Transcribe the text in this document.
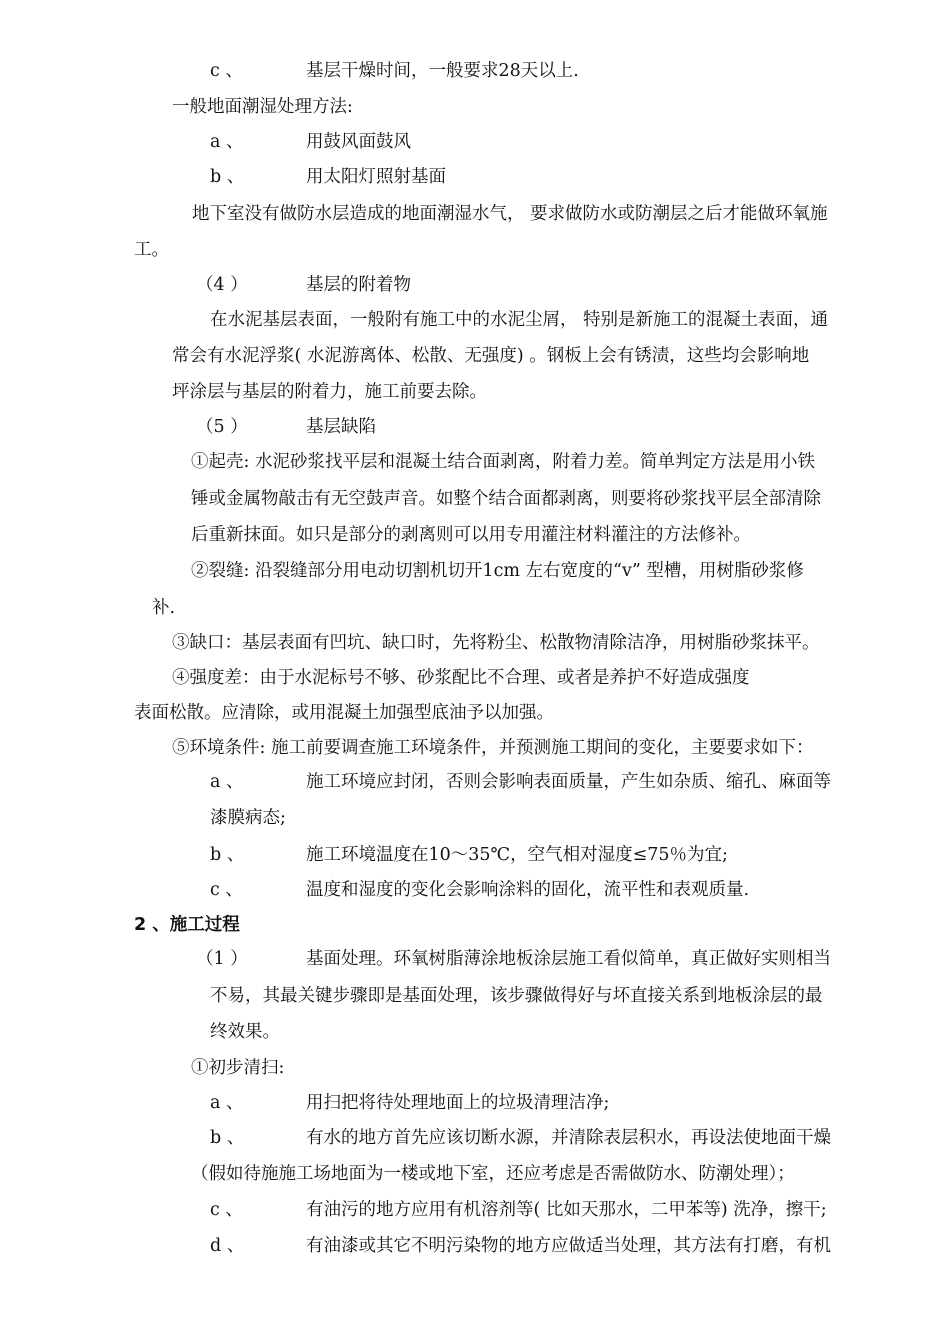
c 、	基层干燥时间，一般要求28天以上.
一般地面潮湿处理方法:
a 、	用鼓风面鼓风
b 、	用太阳灯照射基面
地下室没有做防水层造成的地面潮湿水气， 要求做防水或防潮层之后才能做环氧施
工。
（4 ）	基层的附着物
在水泥基层表面，一般附有施工中的水泥尘屑， 特别是新施工的混凝土表面，通
常会有水泥浮浆( 水泥游离体、松散、无强度) 。钢板上会有锈渍，这些均会影响地
坪涂层与基层的附着力，施工前要去除。
（5 ）	基层缺陷
①起壳: 水泥砂浆找平层和混凝土结合面剥离，附着力差。简单判定方法是用小铁
锤或金属物敲击有无空鼓声音。如整个结合面都剥离，则要将砂浆找平层全部清除
后重新抹面。如只是部分的剥离则可以用专用灌注材料灌注的方法修补。
②裂缝: 沿裂缝部分用电动切割机切开1cm 左右宽度的“v” 型槽，用树脂砂浆修
补.
③缺口：基层表面有凹坑、缺口时，先将粉尘、松散物清除洁净，用树脂砂浆抹平。
④强度差：由于水泥标号不够、砂浆配比不合理、或者是养护不好造成强度
表面松散。应清除，或用混凝土加强型底油予以加强。
⑤环境条件: 施工前要调查施工环境条件，并预测施工期间的变化，主要要求如下：
a 、	施工环境应封闭，否则会影响表面质量，产生如杂质、缩孔、麻面等
漆膜病态;
b 、	施工环境温度在10～35℃，空气相对湿度≤75％为宜;
c 、	温度和湿度的变化会影响涂料的固化，流平性和表观质量.
2 、施工过程
（1 ）	基面处理。环氧树脂薄涂地板涂层施工看似简单，真正做好实则相当
不易，其最关键步骤即是基面处理，该步骤做得好与坏直接关系到地板涂层的最
终效果。
①初步清扫:
a 、	用扫把将待处理地面上的垃圾清理洁净;
b 、	有水的地方首先应该切断水源，并清除表层积水，再设法使地面干燥
（假如待施施工场地面为一楼或地下室，还应考虑是否需做防水、防潮处理）；
c 、	有油污的地方应用有机溶剂等( 比如天那水，二甲苯等) 洗净，擦干;
d 、	有油漆或其它不明污染物的地方应做适当处理，其方法有打磨，有机
